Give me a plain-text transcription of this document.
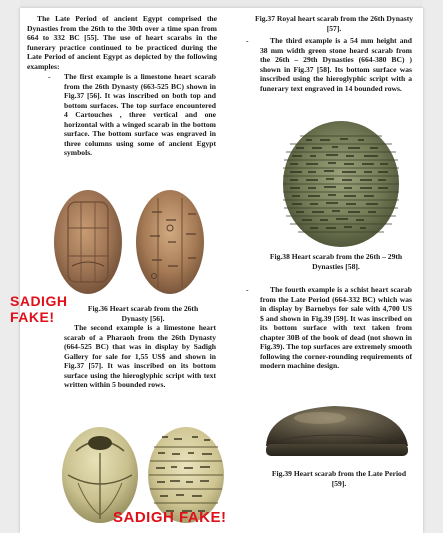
The Late Period of ancient Egypt comprised the Dynasties from the 26th to the 30th over a time span from 664 to 332 BC [55]. The use of heart scarabs in the funerary practice continued to be practiced during the Late Period of ancient Egypt as depicted by the following examples:
-	The first example is a limestone heart scarab from the 26th Dynasty (663-525 BC) shown in Fig.37 [56]. It was inscribed on both top and bottom surfaces. The top surface encountered 4 Cartouches , three vertical and one horizontal with a winged scarab in the bottom surface. The bottom surface was engraved in three columns using some of ancient Egypt symbols.
SADIGH
FAKE!
Fig.36 Heart scarab from the 26th Dynasty [56].
The second example is a limestone heart scarab of a Pharaoh from the 26th Dynasty (664-525 BC) that was in display by Sadigh Gallery for sale for 1,55 US$ and shown in Fig.37 [57]. It was inscribed on its bottom surface using the hieroglyphic script with text written within 5 bounded rows.
SADIGH FAKE!
Fig.37 Royal heart scarab from the 26th Dynasty [57].
-	The third example is a 54 mm height and 38 mm width green stone heard scarab from the 26th – 29th Dynasties (664-380 BC) ) shown in Fig.37 [58]. Its bottom surface was inscribed using the hieroglyphic script with a funerary text engraved in 14 bounded rows.
Fig.38 Heart scarab from the 26th – 29th Dynasties [58].
-	The fourth example is a schist heart scarab from the Late Period (664-332 BC) which was in display by Barnebys for sale with 4,700 US $ and shown in Fig.39 [59]. It was inscribed on its bottom surface with text taken from chapter 30B of the book of dead (not shown in Fig.39). The top surfaces are extremely smooth following the corner-rounding requirements of modern machine design.
Fig.39 Heart scarab from the Late Period [59].
